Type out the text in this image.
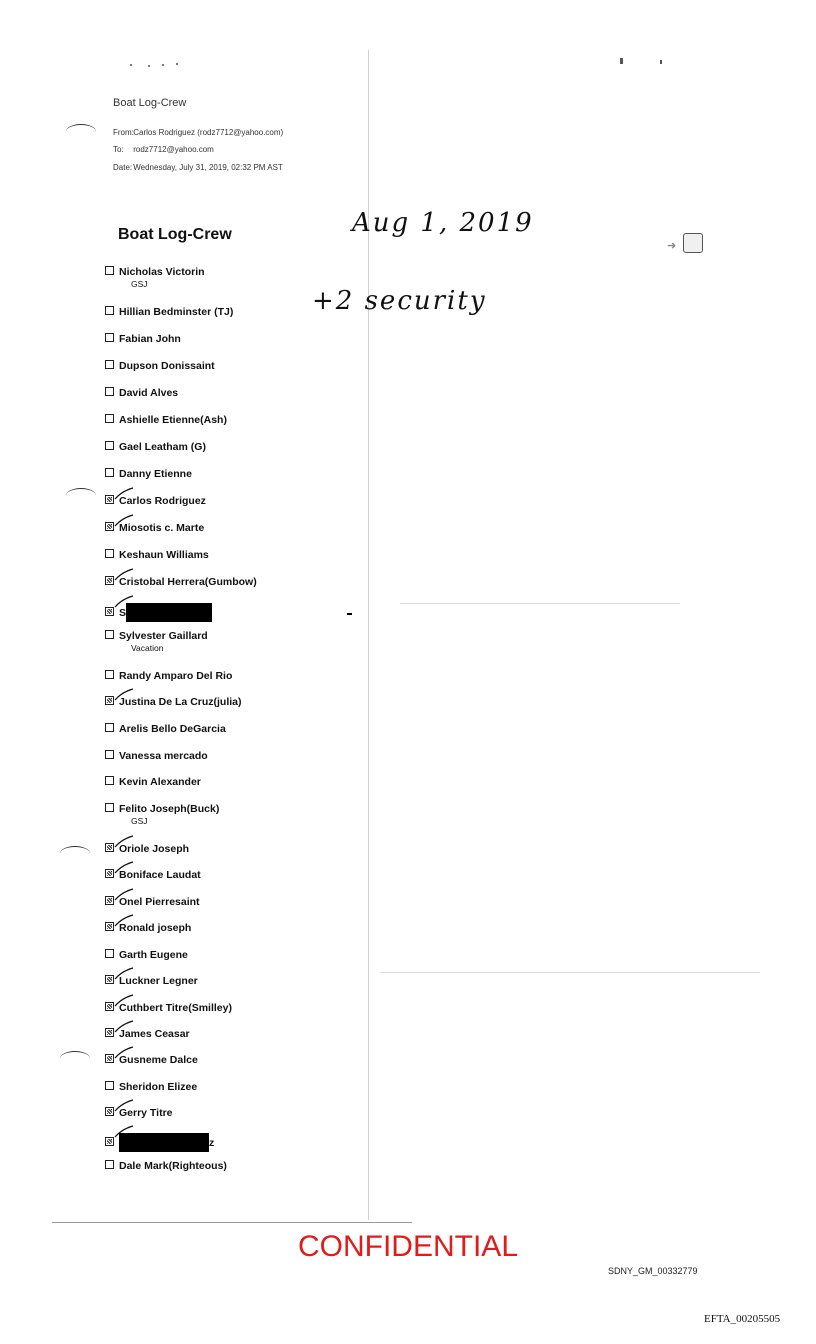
Boat Log-Crew
From: Carlos Rodriguez (rodz7712@yahoo.com)
To: rodz7712@yahoo.com
Date: Wednesday, July 31, 2019, 02:32 PM AST
Boat Log-Crew	Aug 1, 2019
+2 security
➜
Nicholas Victorin
GSJ
Hillian Bedminster (TJ)
Fabian John
Dupson Donissaint
David Alves
Ashielle Etienne(Ash)
Gael Leatham (G)
Danny Etienne
Carlos Rodriguez
Miosotis c. Marte
Keshaun Williams
Cristobal Herrera(Gumbow)
S
Sylvester Gaillard
Vacation
Randy Amparo Del Rio
Justina De La Cruz(julia)
Arelis Bello DeGarcia
Vanessa mercado
Kevin Alexander
Felito Joseph(Buck)
GSJ
Oriole Joseph
Boniface Laudat
Onel Pierresaint
Ronald joseph
Garth Eugene
Luckner Legner
Cuthbert Titre(Smilley)
James Ceasar
Gusneme Dalce
Sheridon Elizee
Gerry Titre
z
Dale Mark(Righteous)
CONFIDENTIAL
SDNY_GM_00332779
EFTA_00205505
